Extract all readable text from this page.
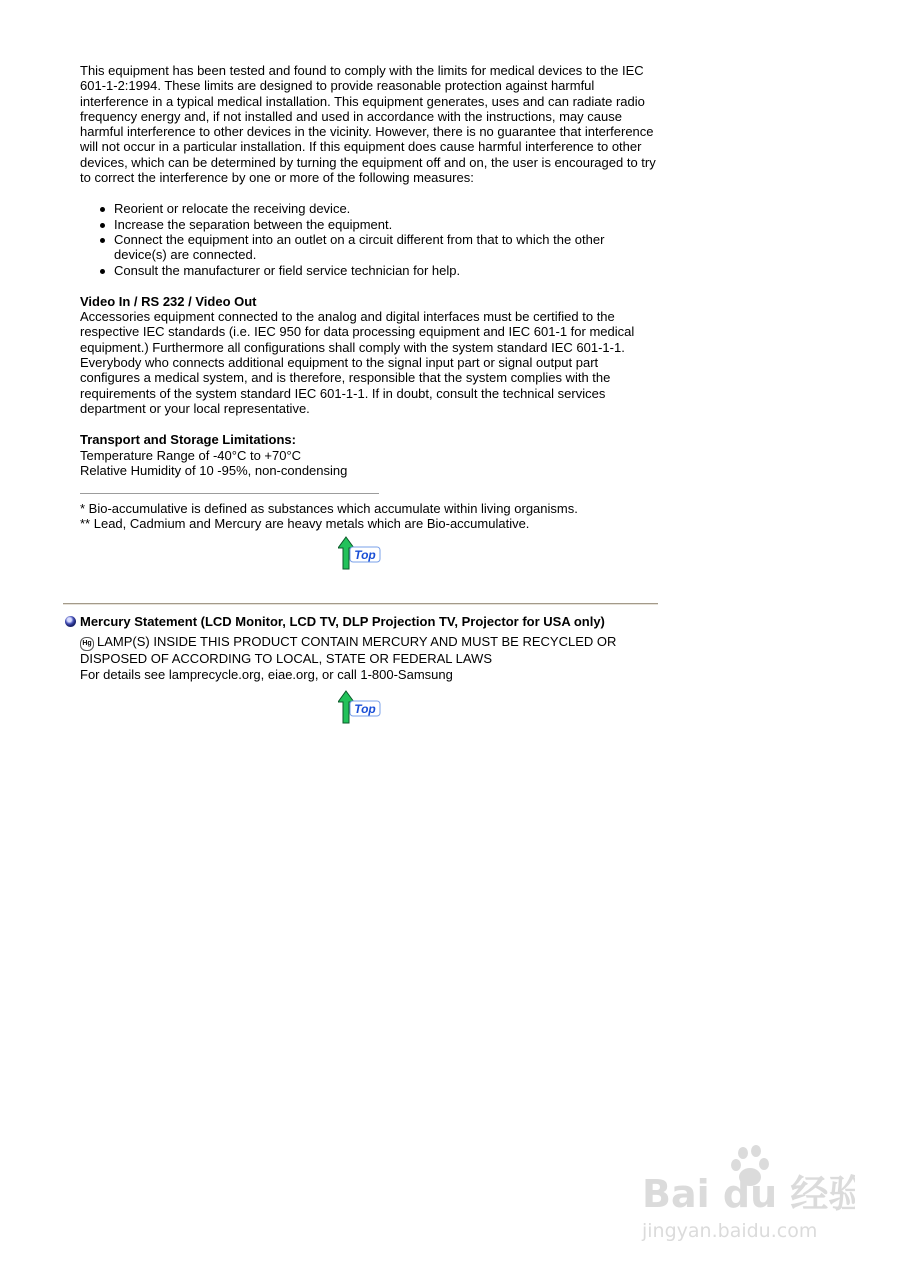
This equipment has been tested and found to comply with the limits for medical devices to the IEC 601-1-2:1994. These limits are designed to provide reasonable protection against harmful interference in a typical medical installation. This equipment generates, uses and can radiate radio frequency energy and, if not installed and used in accordance with the instructions, may cause harmful interference to other devices in the vicinity. However, there is no guarantee that interference will not occur in a particular installation. If this equipment does cause harmful interference to other devices, which can be determined by turning the equipment off and on, the user is encouraged to try to correct the interference by one or more of the following measures:

Reorient or relocate the receiving device.
Increase the separation between the equipment.
Connect the equipment into an outlet on a circuit different from that to which the other device(s) are connected.
Consult the manufacturer or field service technician for help.

Video In / RS 232 / Video Out

Accessories equipment connected to the analog and digital interfaces must be certified to the respective IEC standards (i.e. IEC 950 for data processing equipment and IEC 601-1 for medical equipment.) Furthermore all configurations shall comply with the system standard IEC 601-1-1. Everybody who connects additional equipment to the signal input part or signal output part configures a medical system, and is therefore, responsible that the system complies with the requirements of the system standard IEC 601-1-1. If in doubt, consult the technical services department or your local representative.

Transport and Storage Limitations:

Temperature Range of -40°C to +70°C

Relative Humidity of 10 -95%, non-condensing

* Bio-accumulative is defined as substances which accumulate within living organisms.

** Lead, Cadmium and Mercury are heavy metals which are Bio-accumulative.

Top
Mercury Statement (LCD Monitor, LCD TV, DLP Projection TV, Projector for USA only)

Hg LAMP(S) INSIDE THIS PRODUCT CONTAIN MERCURY AND MUST BE RECYCLED OR DISPOSED OF ACCORDING TO LOCAL, STATE OR FEDERAL LAWS

For details see lamprecycle.org, eiae.org, or call 1-800-Samsung

Top
Bai du 经验
jingyan.baidu.com
